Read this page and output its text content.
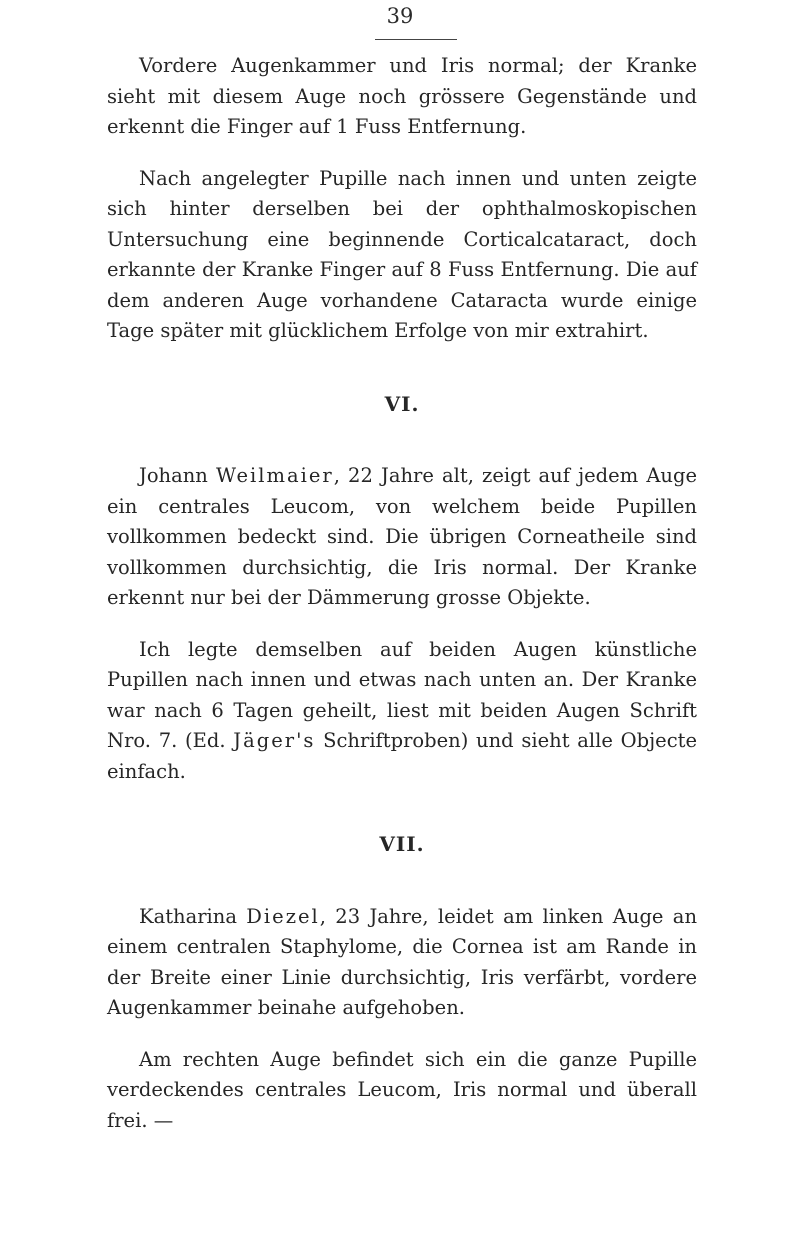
39

Vordere Augenkammer und Iris normal; der Kranke sieht mit diesem Auge noch grössere Gegenstände und erkennt die Finger auf 1 Fuss Entfernung.

Nach angelegter Pupille nach innen und unten zeigte sich hinter derselben bei der ophthalmoskopischen Untersuchung eine beginnende Corticalcataract, doch erkannte der Kranke Finger auf 8 Fuss Entfernung. Die auf dem anderen Auge vorhandene Cataracta wurde einige Tage später mit glücklichem Erfolge von mir extrahirt.

VI.

Johann Weilmaier, 22 Jahre alt, zeigt auf jedem Auge ein centrales Leucom, von welchem beide Pupillen vollkommen bedeckt sind. Die übrigen Corneatheile sind vollkommen durchsichtig, die Iris normal. Der Kranke erkennt nur bei der Dämmerung grosse Objekte.

Ich legte demselben auf beiden Augen künstliche Pupillen nach innen und etwas nach unten an. Der Kranke war nach 6 Tagen geheilt, liest mit beiden Augen Schrift Nro. 7. (Ed. Jäger's Schriftproben) und sieht alle Objecte einfach.

VII.

Katharina Diezel, 23 Jahre, leidet am linken Auge an einem centralen Staphylome, die Cornea ist am Rande in der Breite einer Linie durchsichtig, Iris verfärbt, vordere Augenkammer beinahe aufgehoben.

Am rechten Auge befindet sich ein die ganze Pupille verdeckendes centrales Leucom, Iris normal und überall frei. —
